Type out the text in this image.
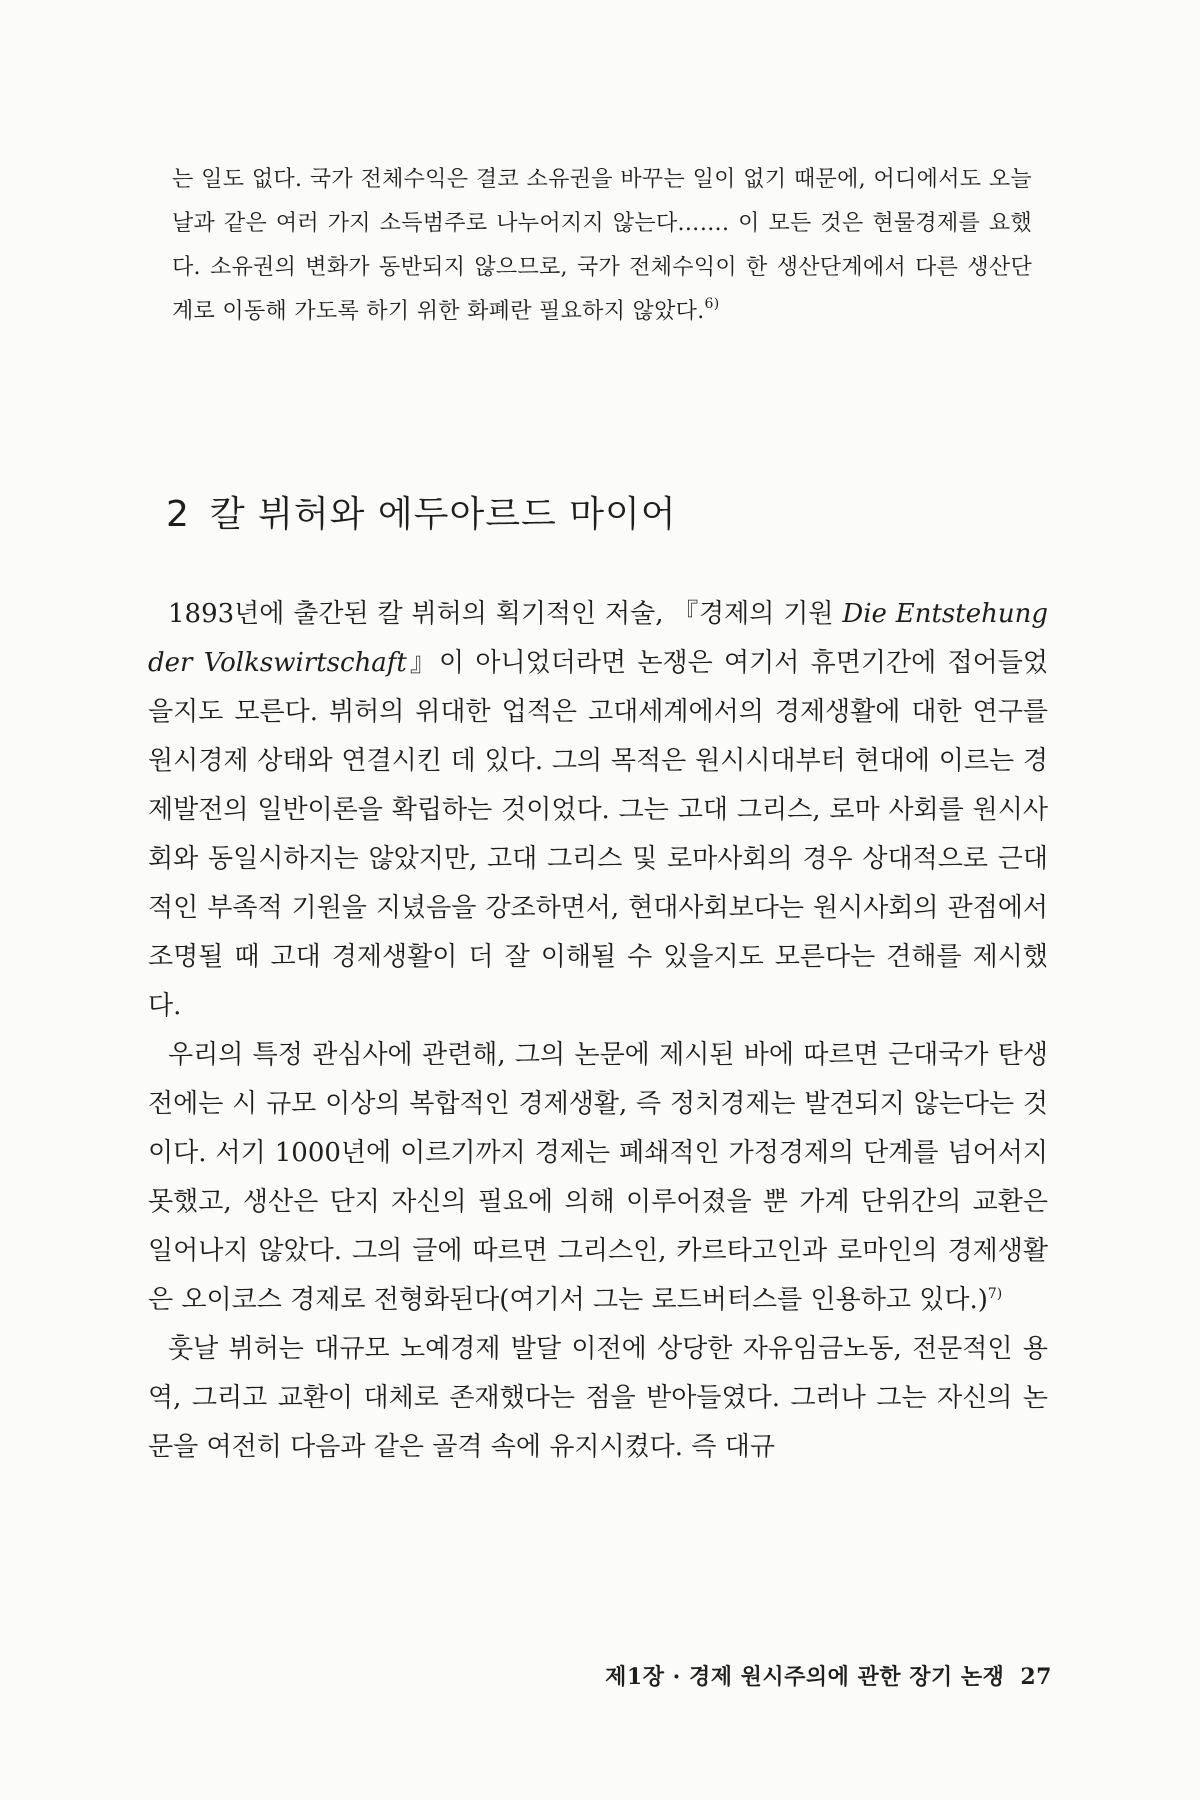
는 일도 없다. 국가 전체수익은 결코 소유권을 바꾸는 일이 없기 때문에, 어디에서도 오늘날과 같은 여러 가지 소득범주로 나누어지지 않는다……. 이 모든 것은 현물경제를 요했다. 소유권의 변화가 동반되지 않으므로, 국가 전체수익이 한 생산단계에서 다른 생산단계로 이동해 가도록 하기 위한 화폐란 필요하지 않았다.$^{6)}$

2 칼 뷔허와 에두아르드 마이어

1893년에 출간된 칼 뷔허의 획기적인 저술, 『경제의 기원 Die Entstehung der Volkswirtschaft』이 아니었더라면 논쟁은 여기서 휴면기간에 접어들었을지도 모른다. 뷔허의 위대한 업적은 고대세계에서의 경제생활에 대한 연구를 원시경제 상태와 연결시킨 데 있다. 그의 목적은 원시시대부터 현대에 이르는 경제발전의 일반이론을 확립하는 것이었다. 그는 고대 그리스, 로마 사회를 원시사회와 동일시하지는 않았지만, 고대 그리스 및 로마사회의 경우 상대적으로 근대적인 부족적 기원을 지녔음을 강조하면서, 현대사회보다는 원시사회의 관점에서 조명될 때 고대 경제생활이 더 잘 이해될 수 있을지도 모른다는 견해를 제시했다.

우리의 특정 관심사에 관련해, 그의 논문에 제시된 바에 따르면 근대국가 탄생 전에는 시 규모 이상의 복합적인 경제생활, 즉 정치경제는 발견되지 않는다는 것이다. 서기 1000년에 이르기까지 경제는 폐쇄적인 가정경제의 단계를 넘어서지 못했고, 생산은 단지 자신의 필요에 의해 이루어졌을 뿐 가계 단위간의 교환은 일어나지 않았다. 그의 글에 따르면 그리스인, 카르타고인과 로마인의 경제생활은 오이코스 경제로 전형화된다(여기서 그는 로드버터스를 인용하고 있다.)$^{7)}$

훗날 뷔허는 대규모 노예경제 발달 이전에 상당한 자유임금노동, 전문적인 용역, 그리고 교환이 대체로 존재했다는 점을 받아들였다. 그러나 그는 자신의 논문을 여전히 다음과 같은 골격 속에 유지시켰다. 즉 대규

제1장 · 경제 원시주의에 관한 장기 논쟁 27
